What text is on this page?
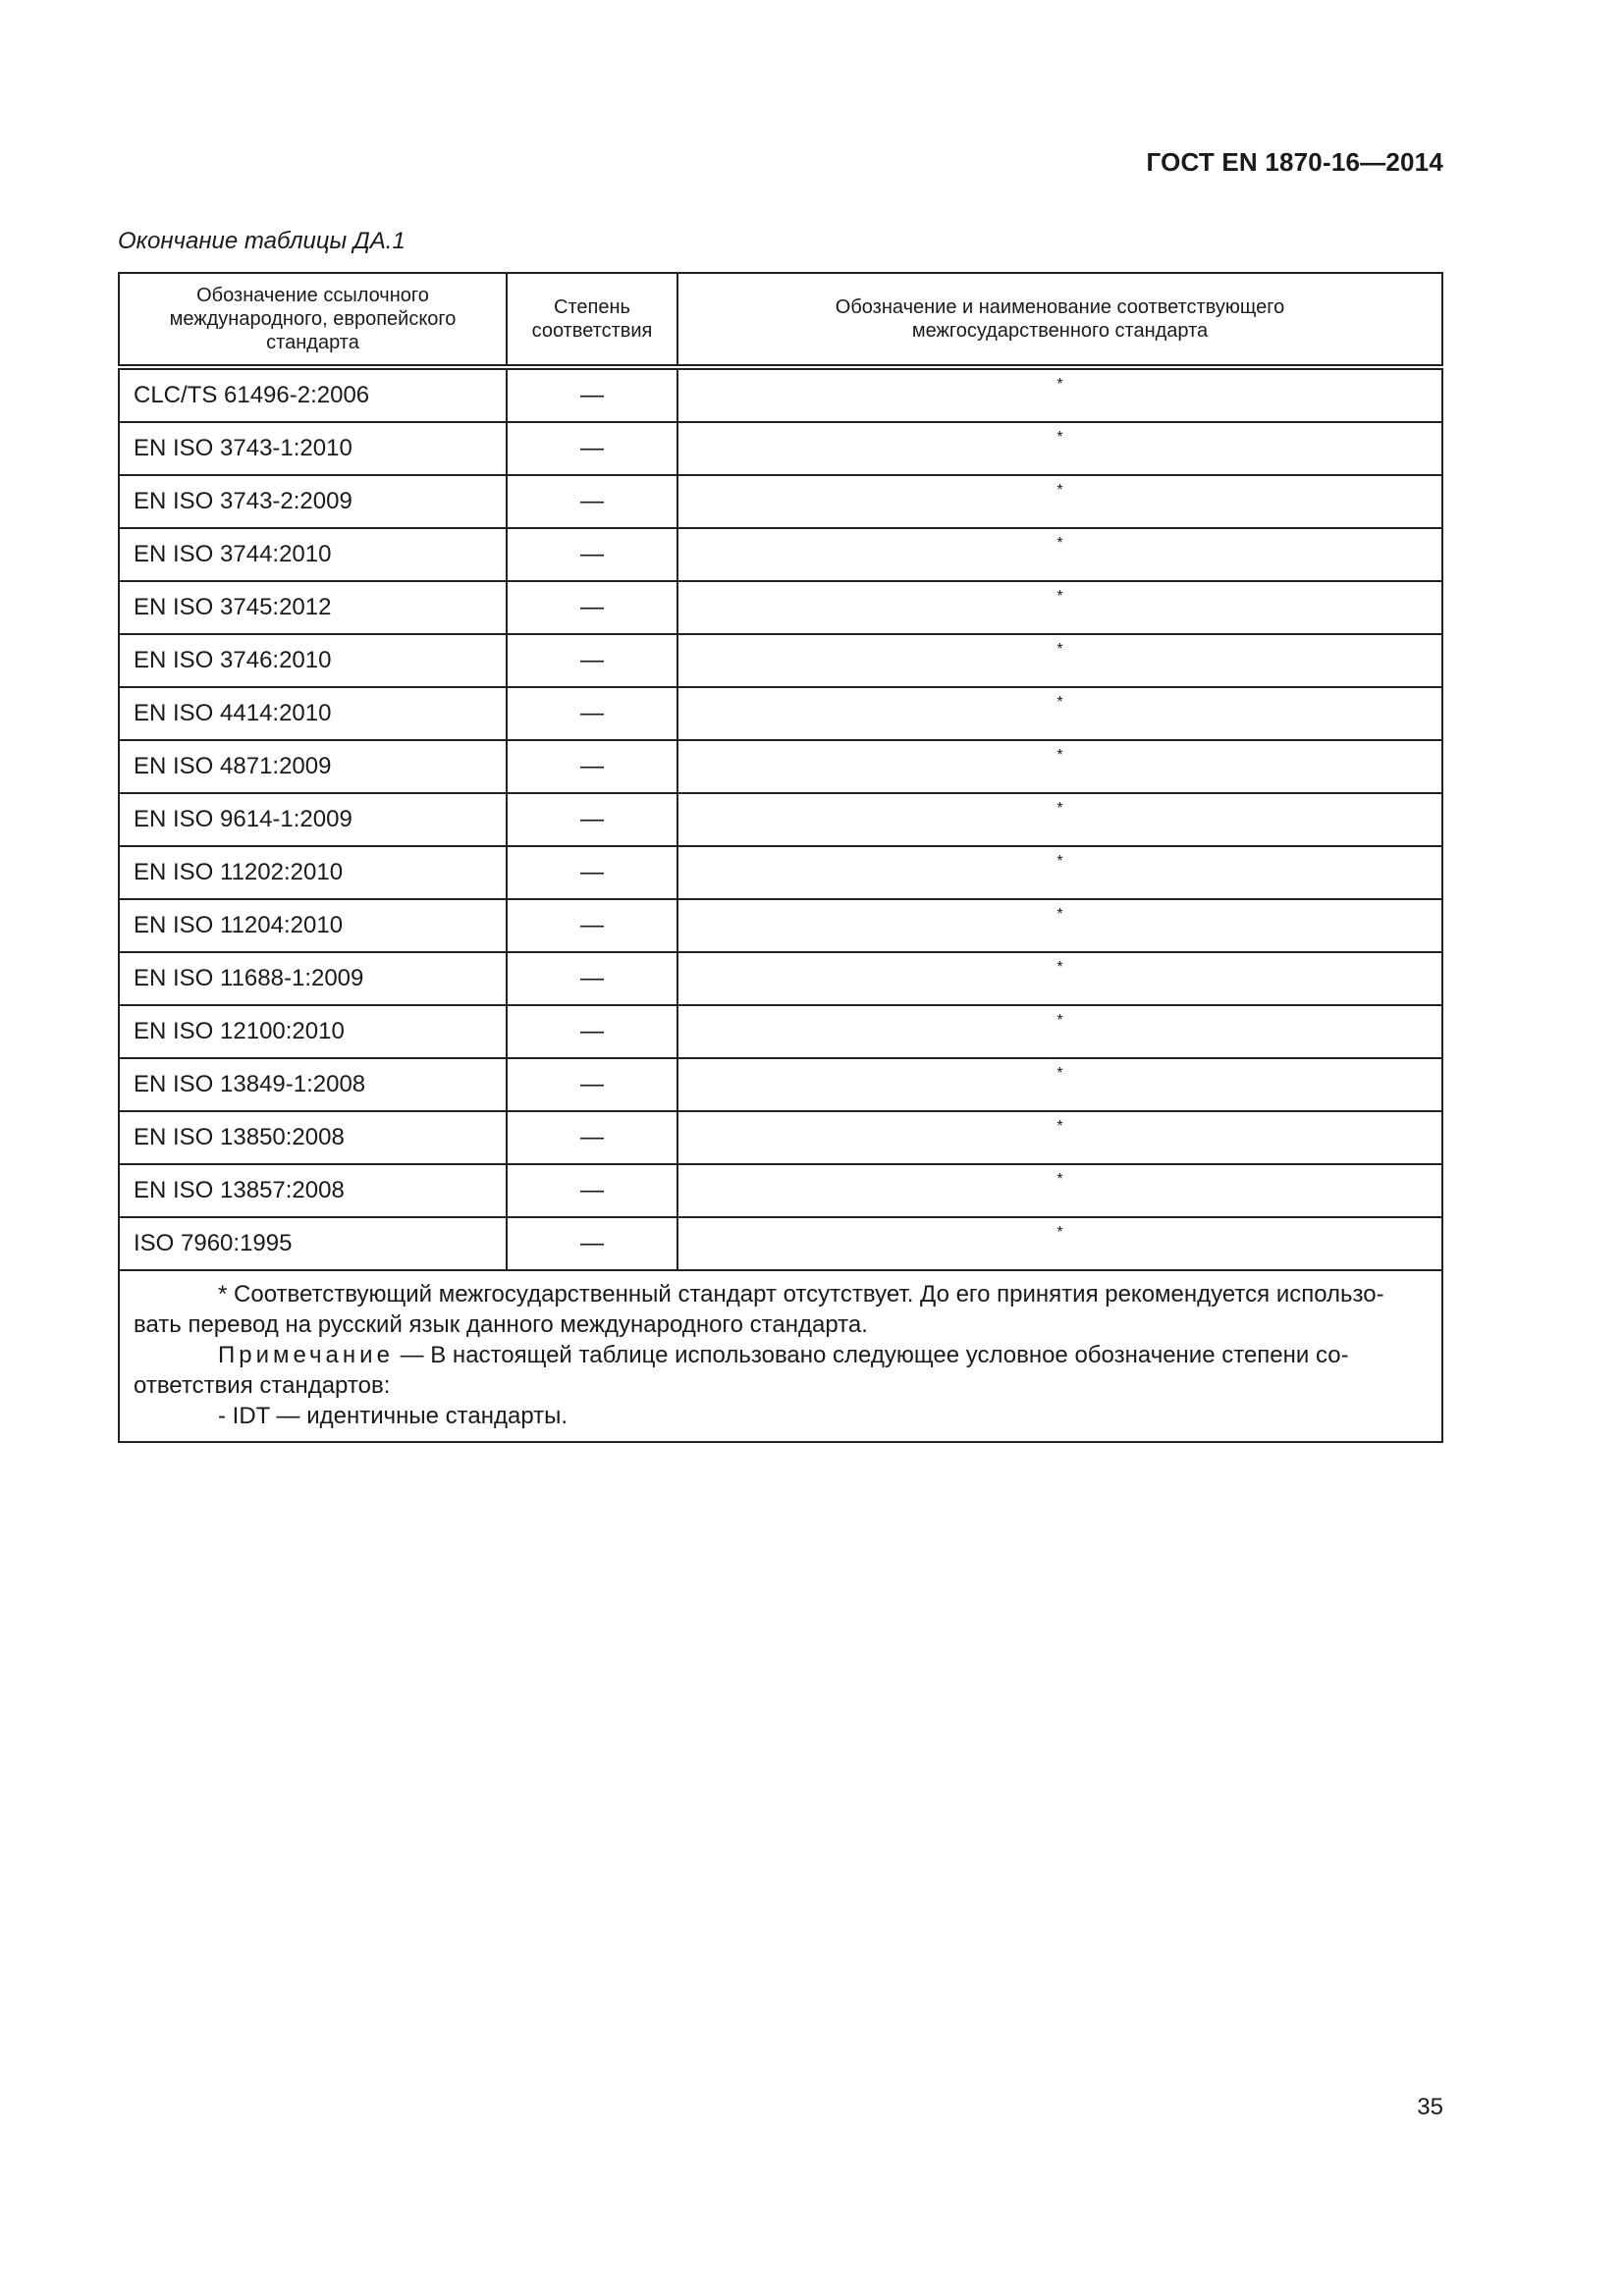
ГОСТ EN 1870-16—2014
Окончание таблицы ДА.1
Обозначение ссылочного международного, европейского стандарта	Степень соответствия	Обозначение и наименование соответствующего межгосударственного стандарта
CLC/TS 61496-2:2006	—	*
EN ISO 3743-1:2010	—	*
EN ISO 3743-2:2009	—	*
EN ISO 3744:2010	—	*
EN ISO 3745:2012	—	*
EN ISO 3746:2010	—	*
EN ISO 4414:2010	—	*
EN ISO 4871:2009	—	*
EN ISO 9614-1:2009	—	*
EN ISO 11202:2010	—	*
EN ISO 11204:2010	—	*
EN ISO 11688-1:2009	—	*
EN ISO 12100:2010	—	*
EN ISO 13849-1:2008	—	*
EN ISO 13850:2008	—	*
EN ISO 13857:2008	—	*
ISO 7960:1995	—	*

* Соответствующий межгосударственный стандарт отсутствует. До его принятия рекомендуется использо-
вать перевод на русский язык данного международного стандарта.
Примечание — В настоящей таблице использовано следующее условное обозначение степени со-
ответствия стандартов:
- IDT — идентичные стандарты.		
35
